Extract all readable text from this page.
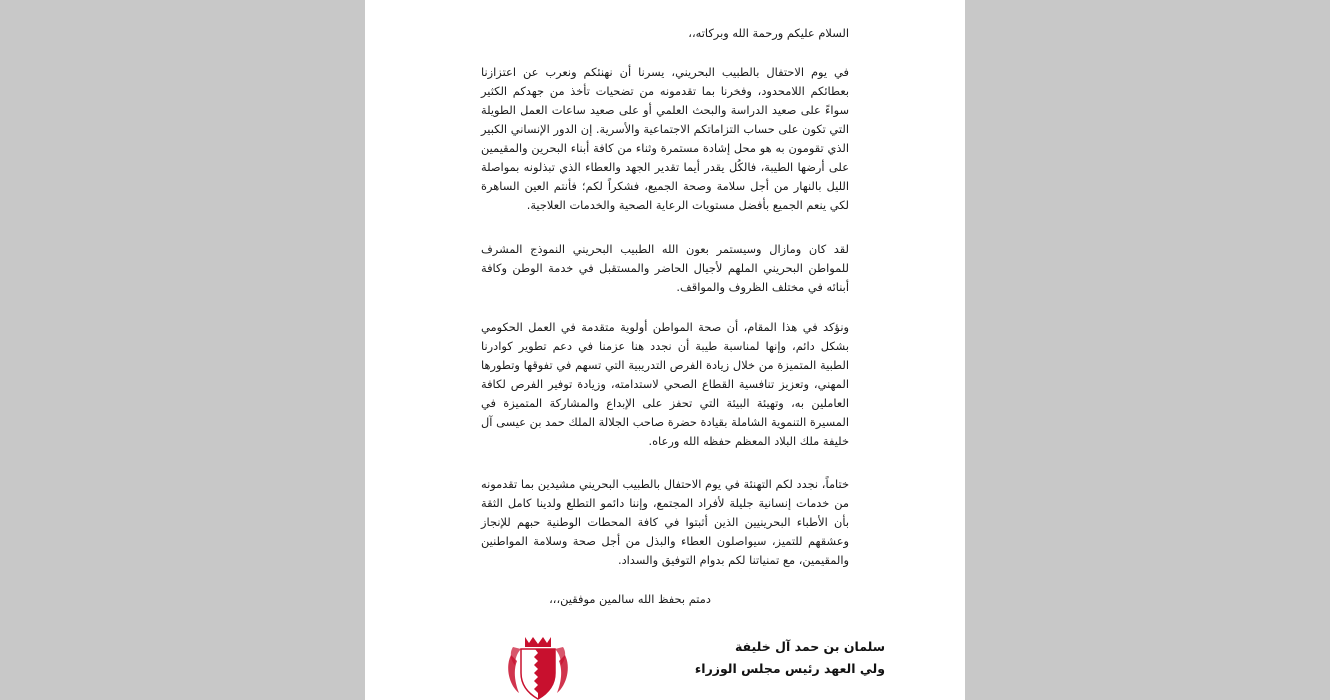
السلام عليكم ورحمة الله وبركاته،،

في يوم الاحتفال بالطبيب البحريني، يسرنا أن نهنئكم ونعرب عن اعتزازنا بعطائكم اللامحدود، وفخرنا بما تقدمونه من تضحيات تأخذ من جهدكم الكثير سواءً على صعيد الدراسة والبحث العلمي أو على صعيد ساعات العمل الطويلة التي تكون على حساب التزاماتكم الاجتماعية والأسرية. إن الدور الإنساني الكبير الذي تقومون به هو محل إشادة مستمرة وثناء من كافة أبناء البحرين والمقيمين على أرضها الطيبة، فالكُل يقدر أيما تقدير الجهد والعطاء الذي تبذلونه بمواصلة الليل بالنهار من أجل سلامة وصحة الجميع، فشكراً لكم؛ فأنتم العين الساهرة لكي ينعم الجميع بأفضل مستويات الرعاية الصحية والخدمات العلاجية.

لقد كان ومازال وسيستمر بعون الله الطبيب البحريني النموذج المشرف للمواطن البحريني الملهم لأجيال الحاضر والمستقبل في خدمة الوطن وكافة أبنائه في مختلف الظروف والمواقف.

ونؤكد في هذا المقام، أن صحة المواطن أولوية متقدمة في العمل الحكومي بشكل دائم، وإنها لمناسبة طيبة أن نجدد هنا عزمنا في دعم تطوير كوادرنا الطبية المتميزة من خلال زيادة الفرص التدريبية التي تسهم في تفوقها وتطورها المهني، وتعزيز تنافسية القطاع الصحي لاستدامته، وزيادة توفير الفرص لكافة العاملين به، وتهيئة البيئة التي تحفز على الإبداع والمشاركة المتميزة في المسيرة التنموية الشاملة بقيادة حضرة صاحب الجلالة الملك حمد بن عيسى آل خليفة ملك البلاد المعظم حفظه الله ورعاه.

ختاماً، نجدد لكم التهنئة في يوم الاحتفال بالطبيب البحريني مشيدين بما تقدمونه من خدمات إنسانية جليلة لأفراد المجتمع، وإننا دائمو التطلع ولدينا كامل الثقة بأن الأطباء البحرينيين الذين أثبتوا في كافة المحطات الوطنية حبهم للإنجاز وعشقهم للتميز، سيواصلون العطاء والبذل من أجل صحة وسلامة المواطنين والمقيمين، مع تمنياتنا لكم بدوام التوفيق والسداد.

دمتم بحفظ الله سالمين موفقين،،،
سلمان بن حمد آل خليفة
ولي العهد رئيس مجلس الوزراء
